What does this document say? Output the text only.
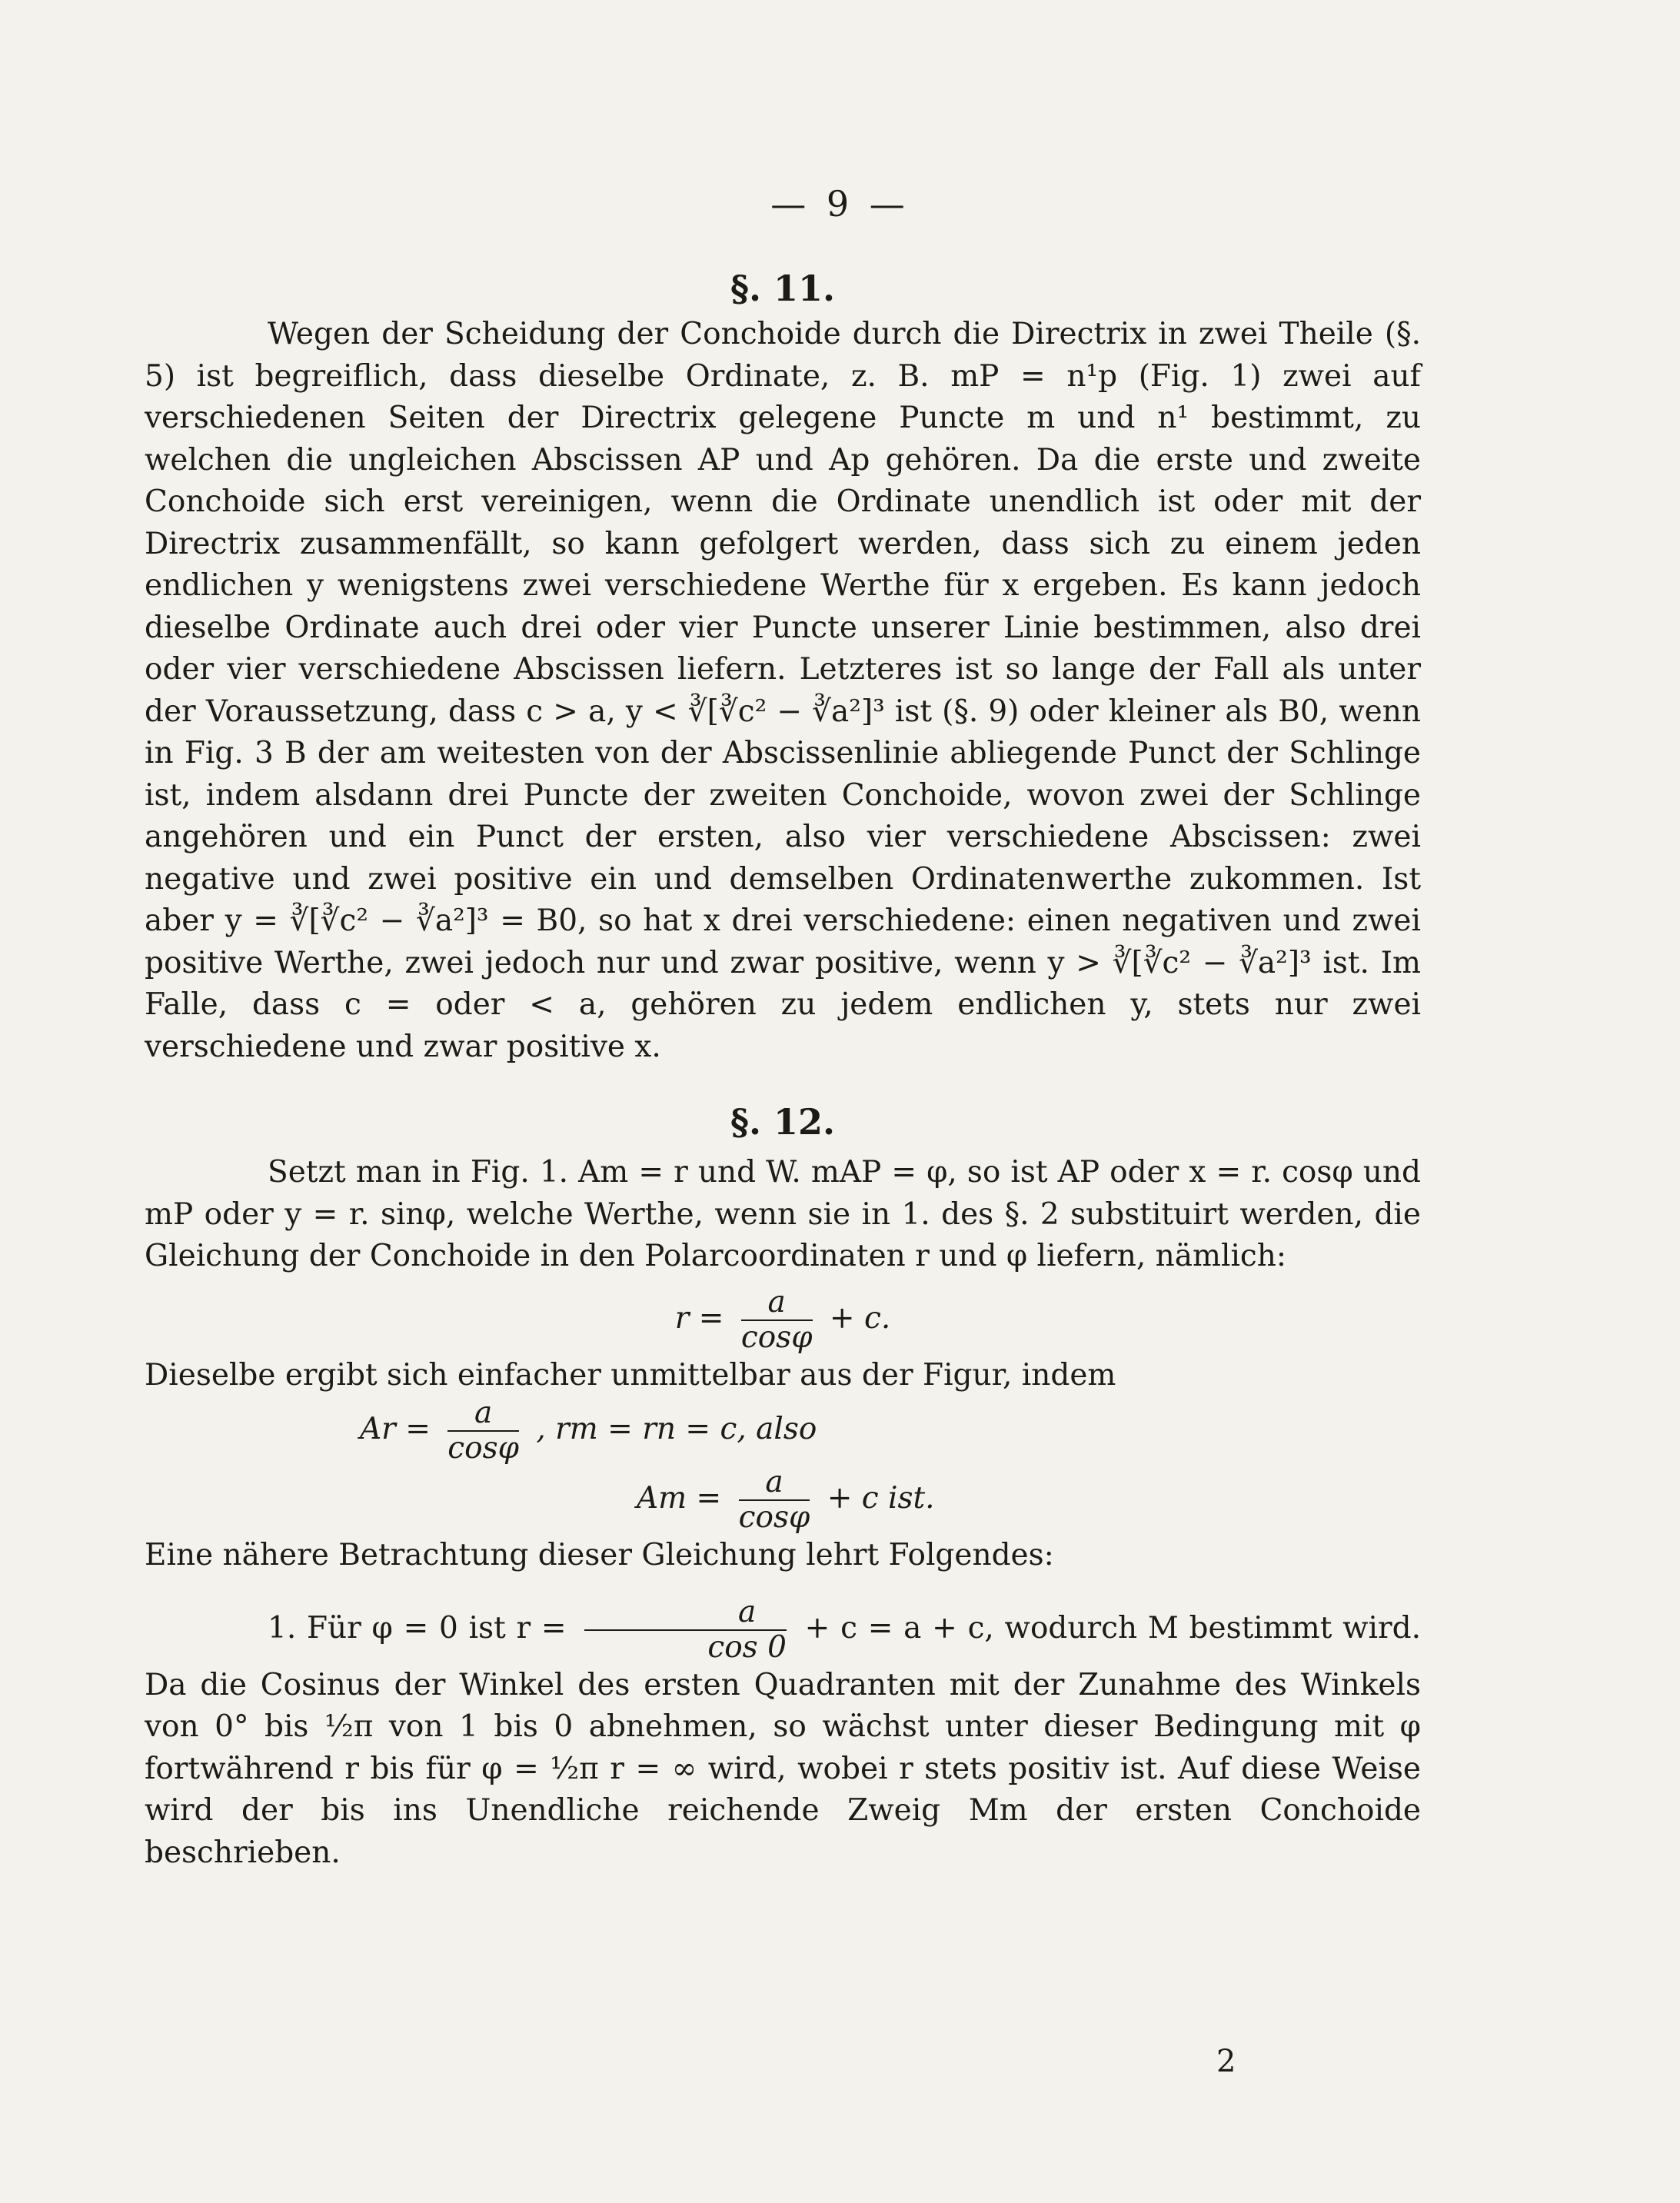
— 9 —

§. 11.

Wegen der Scheidung der Conchoide durch die Directrix in zwei Theile (§. 5) ist begreiflich, dass dieselbe Ordinate, z. B. mP = n¹p (Fig. 1) zwei auf verschiedenen Seiten der Directrix gelegene Puncte m und n¹ bestimmt, zu welchen die ungleichen Abscissen AP und Ap gehören. Da die erste und zweite Conchoide sich erst vereinigen, wenn die Ordinate unendlich ist oder mit der Directrix zusammenfällt, so kann gefolgert werden, dass sich zu einem jeden endlichen y wenigstens zwei verschiedene Werthe für x ergeben. Es kann jedoch dieselbe Ordinate auch drei oder vier Puncte unserer Linie bestimmen, also drei oder vier verschiedene Abscissen liefern. Letzteres ist so lange der Fall als unter der Voraussetzung, dass c > a, y < ∛[∛c² − ∛a²]³ ist (§. 9) oder kleiner als B0, wenn in Fig. 3 B der am weitesten von der Abscissenlinie abliegende Punct der Schlinge ist, indem alsdann drei Puncte der zweiten Conchoide, wovon zwei der Schlinge angehören und ein Punct der ersten, also vier verschiedene Abscissen: zwei negative und zwei positive ein und demselben Ordinatenwerthe zukommen. Ist aber y = ∛[∛c² − ∛a²]³ = B0, so hat x drei verschiedene: einen negativen und zwei positive Werthe, zwei jedoch nur und zwar positive, wenn y > ∛[∛c² − ∛a²]³ ist. Im Falle, dass c = oder < a, gehören zu jedem endlichen y, stets nur zwei verschiedene und zwar positive x.

§. 12.

Setzt man in Fig. 1. Am = r und W. mAP = φ, so ist AP oder x = r. cosφ und mP oder y = r. sinφ, welche Werthe, wenn sie in 1. des §. 2 substituirt werden, die Gleichung der Conchoide in den Polarcoordinaten r und φ liefern, nämlich:

$r = \frac{a}{\cos\varphi} + c$.

Dieselbe ergibt sich einfacher unmittelbar aus der Figur, indem

$Ar = \frac{a}{\cos\varphi}$ , rm = rn = c, also
$Am = \frac{a}{\cos\varphi} + c$ ist.

Eine nähere Betrachtung dieser Gleichung lehrt Folgendes:

1. Für φ = 0 ist $r = \frac{a}{\cos 0} + c = a + c$, wodurch M bestimmt wird. Da die Cosinus der Winkel des ersten Quadranten mit der Zunahme des Winkels von 0° bis ½π von 1 bis 0 abnehmen, so wächst unter dieser Bedingung mit φ fortwährend r bis für φ = ½π r = ∞ wird, wobei r stets positiv ist. Auf diese Weise wird der bis ins Unendliche reichende Zweig Mm der ersten Conchoide beschrieben.

2
